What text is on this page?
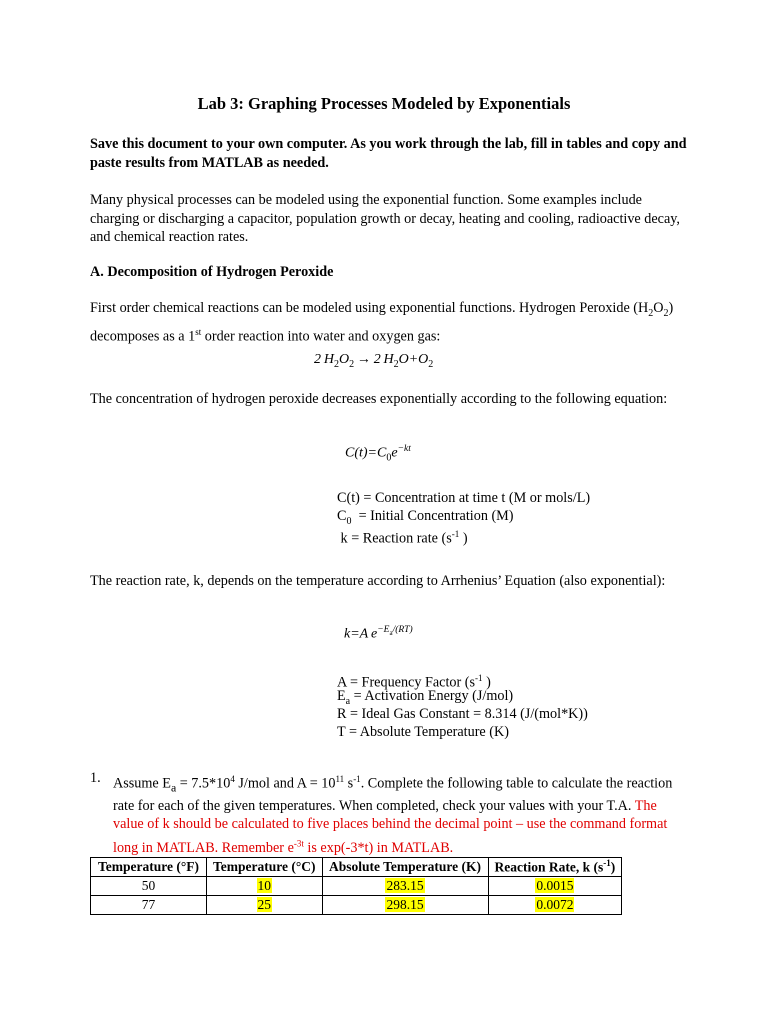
Lab 3: Graphing Processes Modeled by Exponentials
Save this document to your own computer. As you work through the lab, fill in tables and copy and paste results from MATLAB as needed.
Many physical processes can be modeled using the exponential function. Some examples include charging or discharging a capacitor, population growth or decay, heating and cooling, radioactive decay, and chemical reaction rates.
A. Decomposition of Hydrogen Peroxide
First order chemical reactions can be modeled using exponential functions. Hydrogen Peroxide $(H_2O_2)$ decomposes as a 1st order reaction into water and oxygen gas:
2  $H_2O_2 \to 2$  $H_2O+O_2$
The concentration of hydrogen peroxide decreases exponentially according to the following equation:
$C(t)=C_0e^{-kt}$
C(t) = Concentration at time t (M or mols/L)
$C_0$ = Initial Concentration (M)
k = Reaction rate ($s^{-1}$ )
The reaction rate, k, depends on the temperature according to Arrhenius’ Equation (also exponential):
k=A  $e^{-E_a/(RT)}$
A = Frequency Factor ($s^{-1}$ )
$E_a$ = Activation Energy (J/mol)
R = Ideal Gas Constant = 8.314 (J/(mol*K))
T = Absolute Temperature (K)
1. Assume $E_a = 7.5*10^4$ J/mol and $A = 10^{11}$ $s^{-1}$. Complete the following table to calculate the reaction rate for each of the given temperatures. When completed, check your values with your T.A. The value of k should be calculated to five places behind the decimal point – use the command format long in MATLAB. Remember $e^{-3t}$ is exp(-3*t) in MATLAB.
Temperature (°F)	Temperature (°C)	Absolute Temperature (K)	Reaction Rate, k $(s^{-1})$
50	10	283.15	0.0015
77	25	298.15	0.0072
